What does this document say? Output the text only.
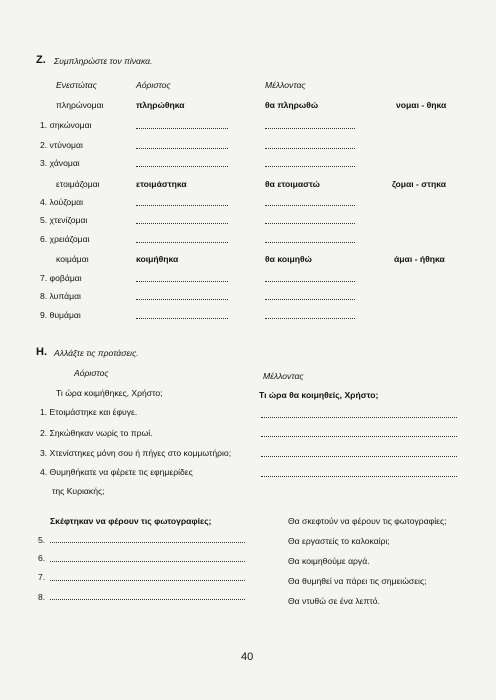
Ζ. Συμπληρώστε τον πίνακα.
Ενεστώτας	Αόριστος	Μέλλοντας
πληρώνομαι	πληρώθηκα	θα πληρωθώ	νομαι - θηκα
1. σηκώνομαι
2. ντύνομαι
3. χάνομαι
ετοιμάζομαι	ετοιμάστηκα	θα ετοιμαστώ	ζομαι - στηκα
4. λούζομαι
5. χτενίζομαι
6. χρειάζομαι
κοιμάμαι	κοιμήθηκα	θα κοιμηθώ	άμαι - ήθηκα
7. φοβάμαι
8. λυπάμαι
9. θυμάμαι
Η. Αλλάξτε τις προτάσεις.
Αόριστος	Μέλλοντας
Τι ώρα κοιμήθηκες, Χρήστο;	Τι ώρα θα κοιμηθείς, Χρήστο;
1. Ετοιμάστηκε και έφυγε.
2. Σηκώθηκαν νωρίς το πρωί.
3. Χτενίστηκες μόνη σου ή πήγες στο κομμωτήριο;
4. Θυμηθήκατε να φέρετε τις εφημερίδες
της Κυριακής;
Σκέφτηκαν να φέρουν τις φωτογραφίες;	Θα σκεφτούν να φέρουν τις φωτογραφίες;
5.	Θα εργαστείς το καλοκαίρι;
6.	Θα κοιμηθούμε αργά.
7.	Θα θυμηθεί να πάρει τις σημειώσεις;
8.	Θα ντυθώ σε ένα λεπτό.
40
